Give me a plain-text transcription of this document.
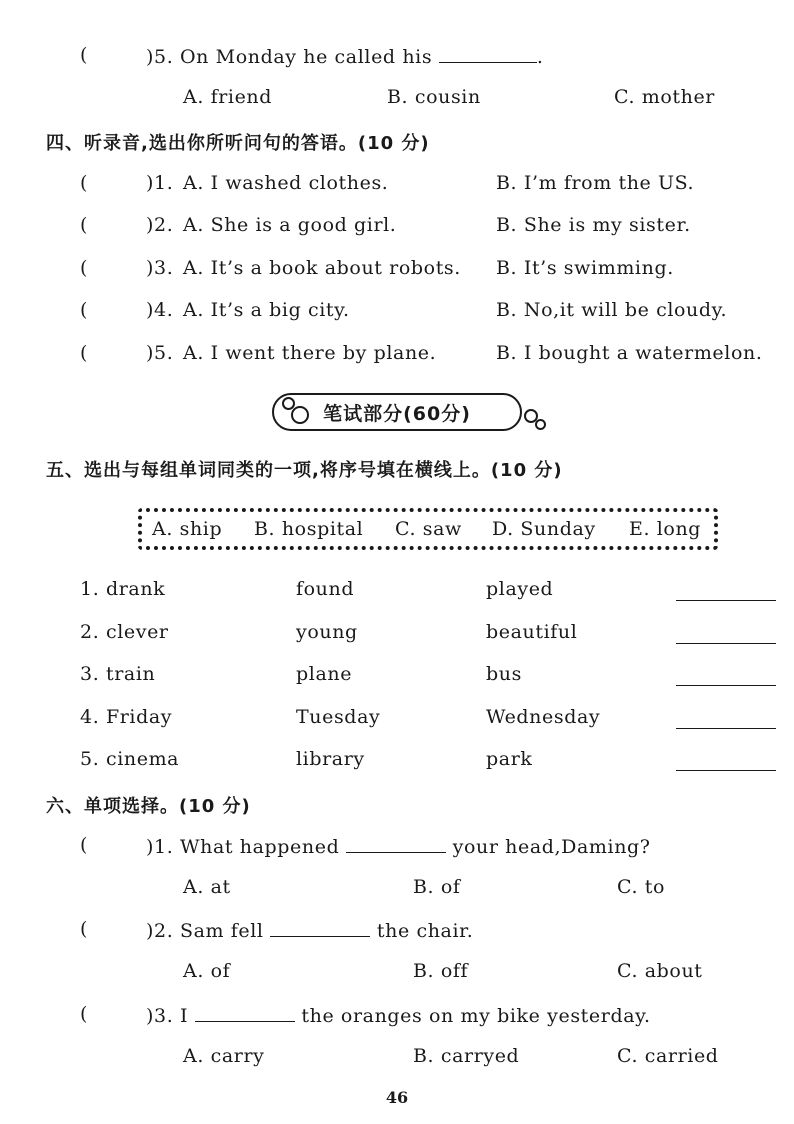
(	)5. On Monday he called his	.
A. friend	B. cousin	C. mother
四、听录音,选出你所听问句的答语。(10 分)
(	)1. A. I washed clothes.	B. I’m from the US.
(	)2. A. She is a good girl.	B. She is my sister.
(	)3. A. It’s a book about robots. B. It’s swimming.
(	)4. A. It’s a big city.	B. No,it will be cloudy.
(	)5. A. I went there by plane.	B. I bought a watermelon.
笔试部分(60分)
五、选出与每组单词同类的一项,将序号填在横线上。(10 分)
A. ship B. hospital C. saw D. Sunday E. long
1. drank	found	played
2. clever	young	beautiful
3. train	plane	bus
4. Friday	Tuesday	Wednesday
5. cinema	library	park
六、单项选择。(10 分)
(	)1. What happened	your head,Daming?
A. at	B. of	C. to
(	)2. Sam fell	the chair.
A. of	B. off	C. about
(	)3. I	the oranges on my bike yesterday.
A. carry	B. carryed	C. carried
46
